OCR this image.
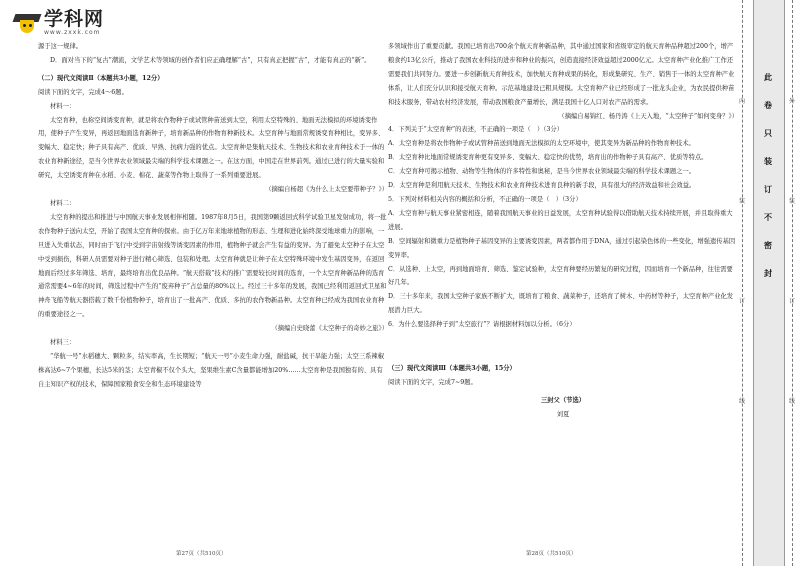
学科网
www.zxxk.com

源于这一规律。

D．面对当下的“复古”潮流，文学艺术等领域的创作者们应正确理解“古”，只有真正把握“古”，才能有真正的“新”。

（二）现代文阅读Ⅱ（本题共3小题，12分）

阅读下面的文字，完成4～6题。

材料一：

太空育种，也称空间诱变育种，就是将农作物种子或试管种苗送到太空，利用太空特殊的、地面无法模拟的环境诱变作用，使种子产生变异，再返回地面选育新种子，培育新品种的作物育种新技术。太空育种与地面常规诱变育种相比，变异多、变幅大、稳定快；种子具有高产、优质、早熟、抗病力强的优点。太空育种是集航天技术、生物技术和农业育种技术于一体的农业育种新途径，是当今世界农业领域最尖端的科学技术课题之一。在这方面，中国走在世界前列。通过已进行的大量实验和研究，太空诱变育种在水稻、小麦、棉花、蔬菜等作物上取得了一系列重要进展。

（摘编自杨超《为什么上太空要带种子？》）

材料二：

太空育种的提出和推进与中国航天事业发展相伴相随。1987年8月5日，我国第9颗返回式科学试验卫星发射成功，将一批农作物种子送向太空，开始了我国太空育种的探索。由于亿万年来地球植物的形态、生理和进化始终深受地球重力的影响，一旦进入失重状态，同时由于飞行中受到宇宙射线等诱变因素的作用，植物种子就会产生有益的变异。为了避免太空种子在太空中受到损伤，科研人员需要对种子进行精心筛选、包装和处理。太空育种就是让种子在太空特殊环境中发生基因变异，在返回地面后经过多年筛选、培育，最终培育出优良品种。“航天搭载”技术的推广需要较长时间的选育，一个太空育种新品种的选育通常需要4~6年的时间，筛选过程中产生的“废弃种子”占总量的80%以上。经过三十多年的发展，我国已经利用返回式卫星和神舟飞船等航天器搭载了数千份植物种子，培育出了一批高产、优质、多抗的农作物新品种。太空育种已经成为我国农业育种的重要途径之一。

（摘编自史晓蕾《太空种子的奇妙之旅》）

材料三：

“华航一号”水稻穗大、颗粒多，结实率高，生长期短；“航天一号”小麦生命力强，耐盐碱，抗干旱能力强；太空三系辣椒株高达6~7个果穗，长达5米的茎；太空青椒不仅个头大，坚果维生素C含量都能增加20%……太空育种是我国独有的、具有自主知识产权的技术，保障国家粮食安全和生态环境建设等

多领域作出了重要贡献。我国已培育出700余个航天育种新品种，其中通过国家和省级审定的航天育种品种超过200个，增产粮食约13亿公斤，推动了我国农业科技的进步和种业的振兴，创造直接经济效益超过2000亿元。太空育种产业化推广工作还需要我们共同努力。要进一步创新航天育种技术，加快航天育种成果的转化，形成集研究、生产、销售于一体的太空育种产业体系，让人们充分认识和接受航天育种。示范基地建设已粗具规模。太空育种产业已经形成了一批龙头企业，为农民提供种苗和技术服务，带动农村经济发展，带动我国粮食产量增长，满足我国十亿人口对农产品的需求。

（摘编自易锦红、杨丹涛《上天入地，“太空种子”如何变身？》）

4．下列关于“太空育种”的表述，不正确的一项是（　）（3分）

A．太空育种是将农作物种子或试管种苗送到地面无法模拟的太空环境中，使其变异为新品种的作物育种技术。

B．太空育种比地面常规诱变育种更有变异多、变幅大、稳定快的优势，培育出的作物种子具有高产、优质等特点。

C．太空育种可揭示植物、动物等生物体的许多特性和奥秘，是当今世界农业领域最尖端的科学技术课题之一。

D．太空育种是利用航天技术、生物技术和农业育种技术进育良种的新手段，具有很大的经济效益和社会效益。

5．下列对材料相关内容的概括和分析，不正确的一项是（　）（3分）

A．太空育种与航天事业紧密相连，随着我国航天事业的日益发展，太空育种试验得以借助航天技术持续开展，并且取得重大进展。

B．空间辐射和微重力是植物种子基因变异的主要诱变因素，两者都作用于DNA，通过引起染色体的一些变化，增强遗传基因变异率。

C．从选种、上太空，再到地面培育、筛选、鉴定试验种，太空育种要经历繁复的研究过程，因而培育一个新品种，往往需要好几年。

D．三十多年来，我国太空种子家族不断扩大，既培育了粮食、蔬菜种子，还培育了树木、中药材等种子，太空育种产业化发展潜力巨大。

6．为什么要选择种子到“太空旅行”？请根据材料加以分析。（6分）

（三）现代文阅读Ⅲ（本题共3小题，15分）

阅读下面的文字，完成7~9题。

三封父（节选）

刘夏

第27页（共510页）	第28页（共510页）
内
装
订
线
此
卷
只
装
订
不
密
封
外
装
订
线
